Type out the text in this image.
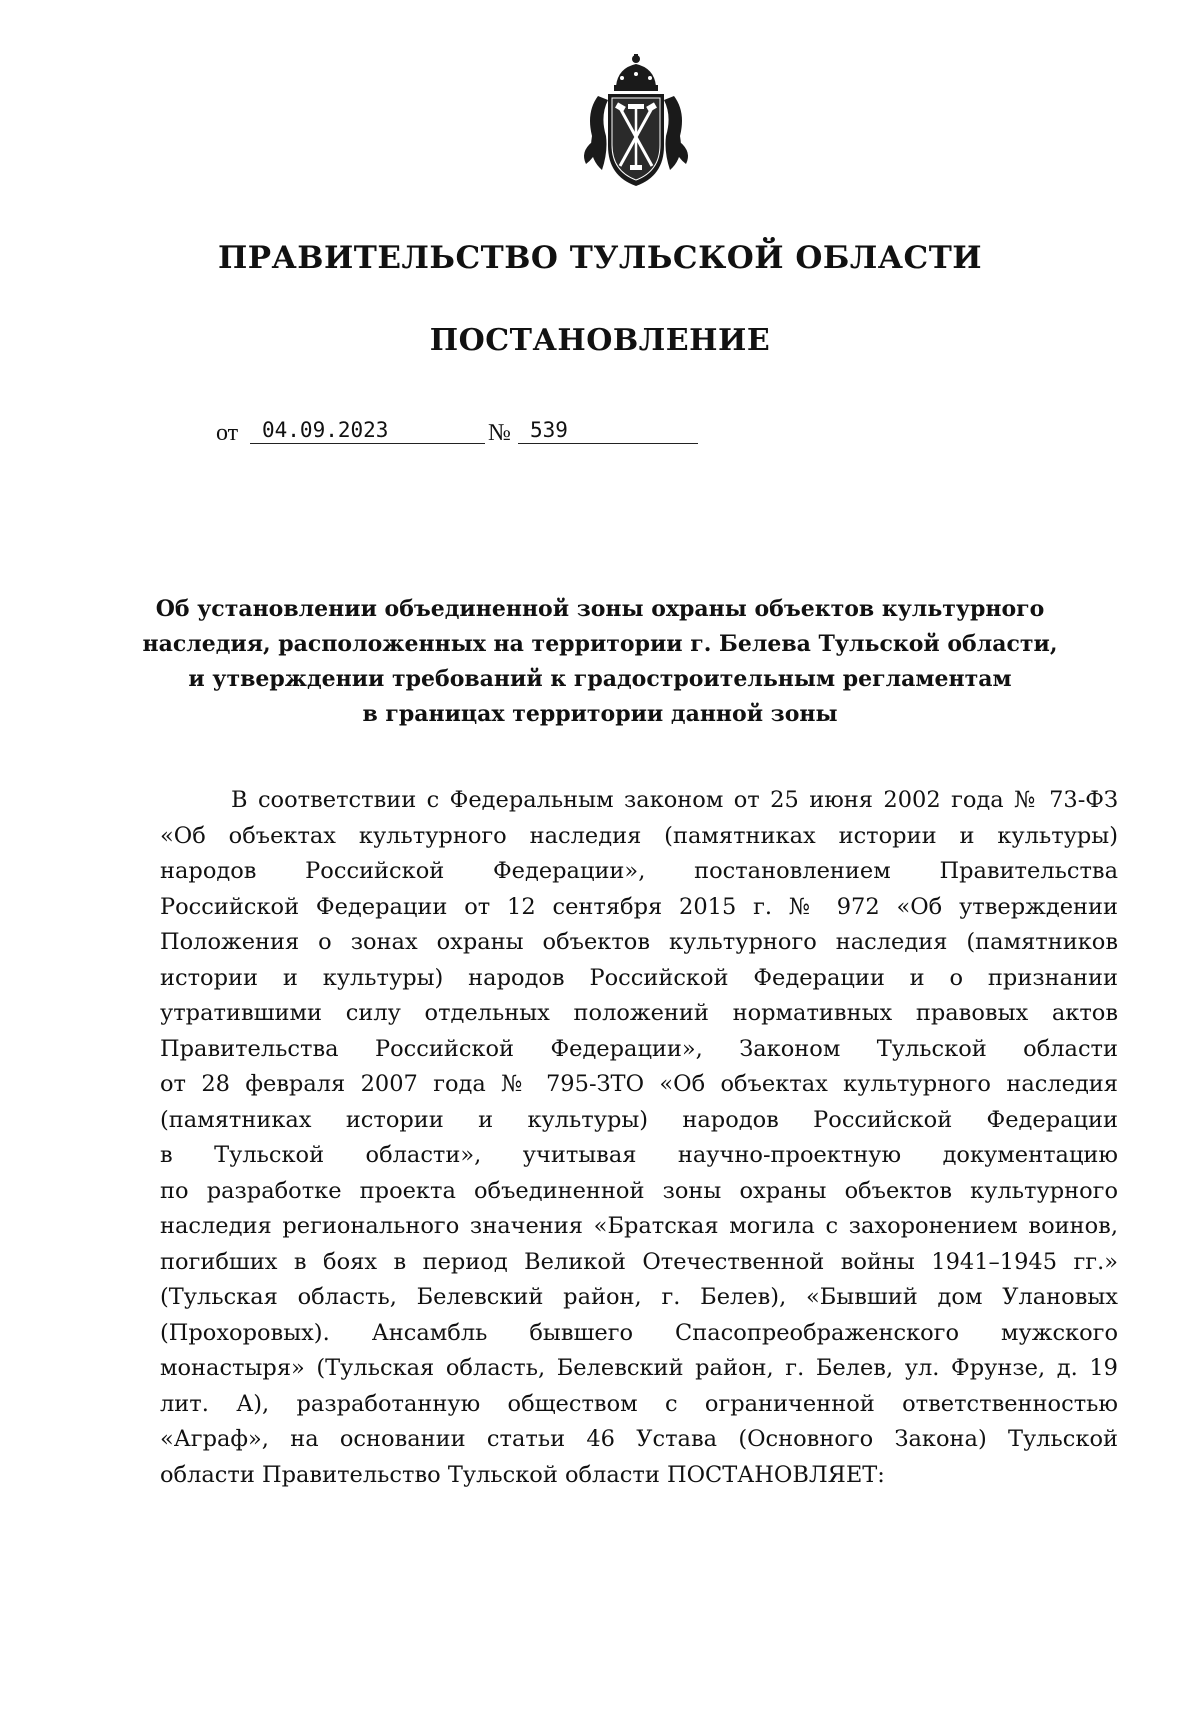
ПРАВИТЕЛЬСТВО ТУЛЬСКОЙ ОБЛАСТИ
ПОСТАНОВЛЕНИЕ
от	04.09.2023	№ 539
Об установлении объединенной зоны охраны объектов культурного
наследия, расположенных на территории г. Белева Тульской области,
и утверждении требований к градостроительным регламентам
в границах территории данной зоны
В соответствии с Федеральным законом от 25 июня 2002 года № 73-ФЗ
«Об объектах культурного наследия (памятниках истории и культуры)
народов Российской Федерации», постановлением Правительства
Российской Федерации от 12 сентября 2015 г. № 972 «Об утверждении
Положения о зонах охраны объектов культурного наследия (памятников
истории и культуры) народов Российской Федерации и о признании
утратившими силу отдельных положений нормативных правовых актов
Правительства Российской Федерации», Законом Тульской области
от 28 февраля 2007 года № 795-ЗТО «Об объектах культурного наследия
(памятниках истории и культуры) народов Российской Федерации
в Тульской области», учитывая научно-проектную документацию
по разработке проекта объединенной зоны охраны объектов культурного
наследия регионального значения «Братская могила с захоронением воинов,
погибших в боях в период Великой Отечественной войны 1941–1945 гг.»
(Тульская область, Белевский район, г. Белев), «Бывший дом Улановых
(Прохоровых). Ансамбль бывшего Спасопреображенского мужского
монастыря» (Тульская область, Белевский район, г. Белев, ул. Фрунзе, д. 19
лит. А), разработанную обществом с ограниченной ответственностью
«Аграф», на основании статьи 46 Устава (Основного Закона) Тульской
области Правительство Тульской области ПОСТАНОВЛЯЕТ:
